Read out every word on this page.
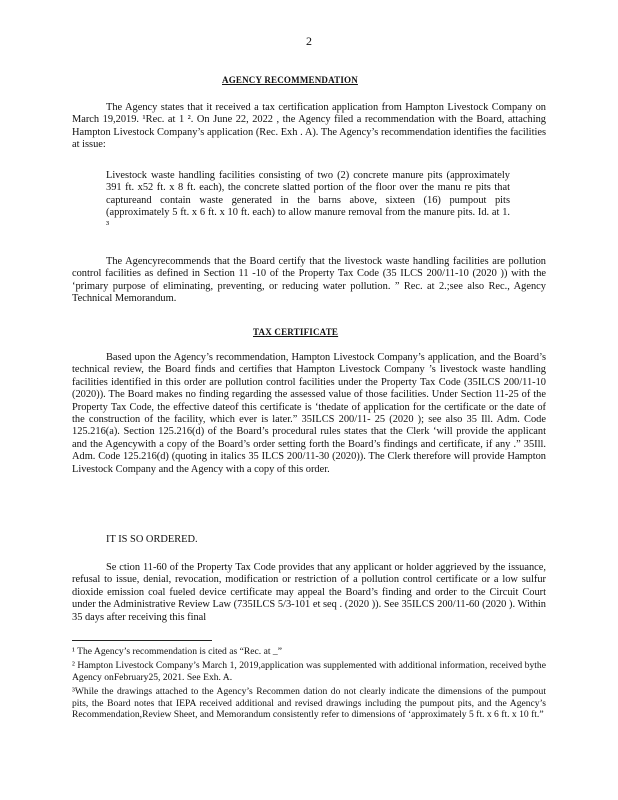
2
AGENCY RECOMMENDATION
The Agency states that it received a tax certification application from Hampton Livestock Company on March 19,2019. ¹Rec. at 1 ². On June 22, 2022 , the Agency filed a recommendation with the Board, attaching Hampton Livestock Company’s application (Rec. Exh . A). The Agency’s recommendation identifies the facilities at issue:
Livestock waste handling facilities consisting of two (2) concrete manure pits (approximately 391 ft. x52 ft. x 8 ft. each), the concrete slatted portion of the floor over the manu re pits that captureand contain waste generated in the barns above, sixteen (16) pumpout pits (approximately 5 ft. x 6 ft. x 10 ft. each) to allow manure removal from the manure pits. Id. at 1. ³
The Agencyrecommends that the Board certify that the livestock waste handling facilities are pollution control facilities as defined in Section 11 -10 of the Property Tax Code (35 ILCS 200/11-10 (2020 )) with the ‘primary purpose of eliminating, preventing, or reducing water pollution. ” Rec. at 2.;see also Rec., Agency Technical Memorandum.
TAX CERTIFICATE
Based upon the Agency’s recommendation, Hampton Livestock Company’s application, and the Board’s technical review, the Board finds and certifies that Hampton Livestock Company ’s livestock waste handling facilities identified in this order are pollution control facilities under the Property Tax Code (35ILCS 200/11-10 (2020)). The Board makes no finding regarding the assessed value of those facilities. Under Section 11-25 of the Property Tax Code, the effective dateof this certificate is ‘thedate of application for the certificate or the date of the construction of the facility, which ever is later.” 35ILCS 200/11- 25 (2020 ); see also 35 Ill. Adm. Code 125.216(a). Section 125.216(d) of the Board’s procedural rules states that the Clerk ‘will provide the applicant and the Agencywith a copy of the Board’s order setting forth the Board’s findings and certificate, if any .” 35Ill. Adm. Code 125.216(d) (quoting in italics 35 ILCS 200/11-30 (2020)). The Clerk therefore will provide Hampton Livestock Company and the Agency with a copy of this order.
IT IS SO ORDERED.
Se ction 11-60 of the Property Tax Code provides that any applicant or holder aggrieved by the issuance, refusal to issue, denial, revocation, modification or restriction of a pollution control certificate or a low sulfur dioxide emission coal fueled device certificate may appeal the Board’s finding and order to the Circuit Court under the Administrative Review Law (735ILCS 5/3-101 et seq . (2020 )). See 35ILCS 200/11-60 (2020 ). Within 35 days after receiving this final
¹ The Agency’s recommendation is cited as “Rec. at _”
² Hampton Livestock Company’s March 1, 2019,application was supplemented with additional information, received bythe Agency onFebruary25, 2021. See Exh. A.
³While the drawings attached to the Agency’s Recommen dation do not clearly indicate the dimensions of the pumpout pits, the Board notes that IEPA received additional and revised drawings including the pumpout pits, and the Agency’s Recommendation,Review Sheet, and Memorandum consistently refer to dimensions of ‘approximately 5 ft. x 6 ft. x 10 ft.”
